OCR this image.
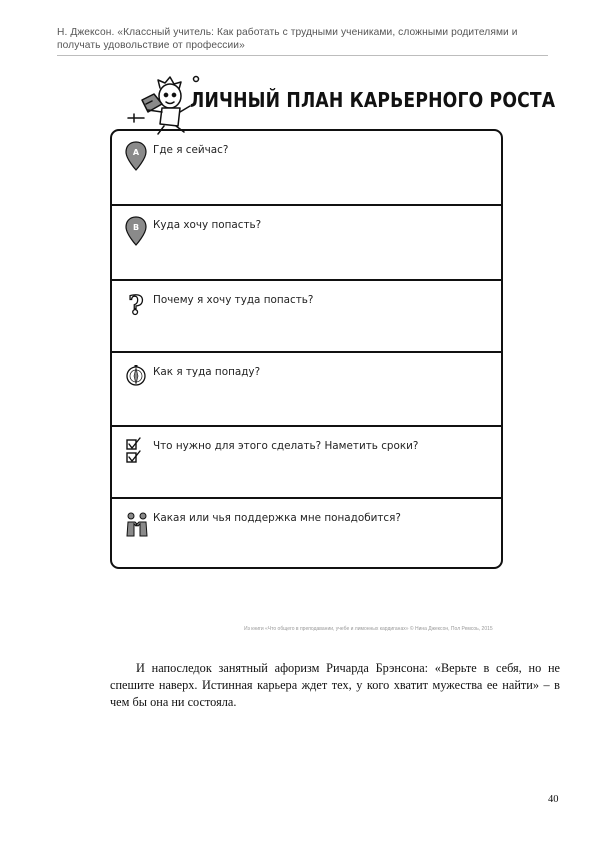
Н. Джексон. «Классный учитель: Как работать с трудными учениками, сложными родителями и получать удовольствие от профессии»
ЛИЧНЫЙ ПЛАН КАРЬЕРНОГО РОСТА
A Где я сейчас?
B Куда хочу попасть?
? Почему я хочу туда попасть?
Как я туда попаду?
Что нужно для этого сделать? Наметить сроки?
Какая или чья поддержка мне понадобится?
Из книги «Что общего в преподавании, учебе и лимонных кардиганах» © Нина Джексон, Пол Ремсоь, 2015
И напоследок занятный афоризм Ричарда Брэнсона: «Верьте в себя, но не спешите наверх. Истинная карьера ждет тех, у кого хватит мужества ее найти» – в чем бы она ни состояла.
40
